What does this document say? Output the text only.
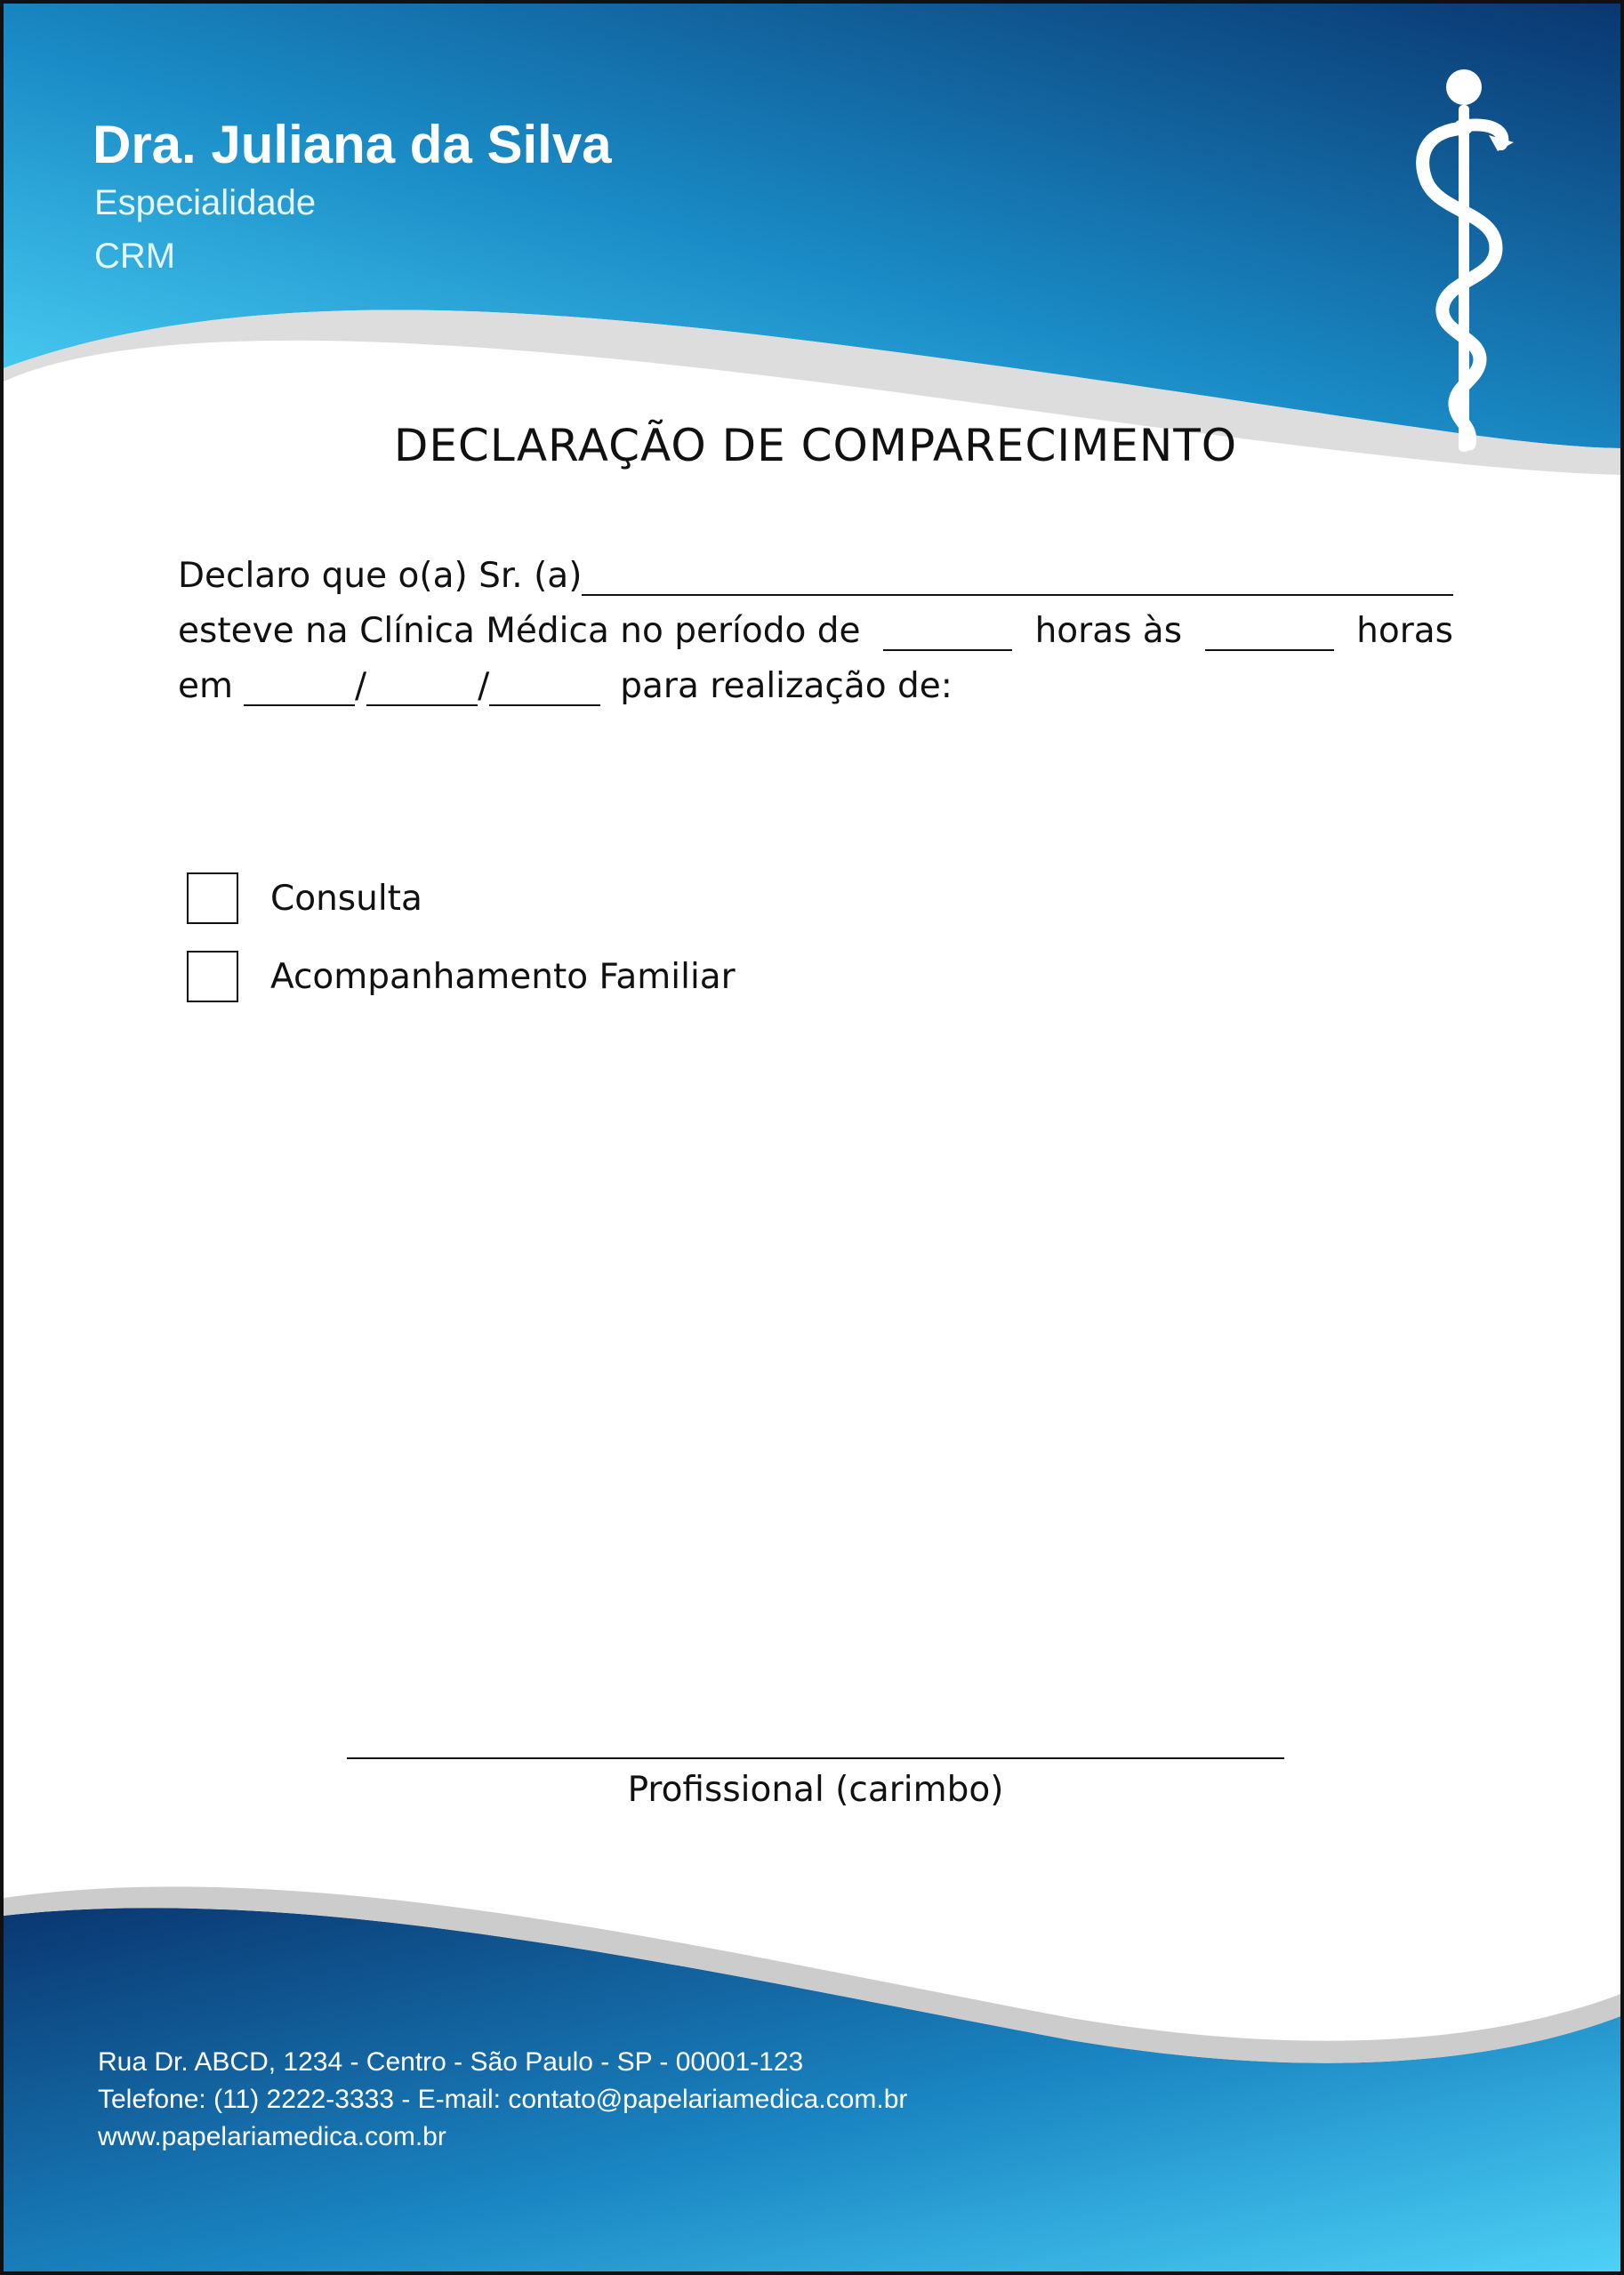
Dra. Juliana da Silva
Especialidade
CRM
DECLARAÇÃO DE COMPARECIMENTO
Declaro que o(a) Sr. (a)
esteve na Clínica Médica no período de	horas às	horas
em	/	/	para realização de:
Consulta
Acompanhamento Familiar
Profissional (carimbo)
Rua Dr. ABCD, 1234 - Centro - São Paulo - SP - 00001-123
Telefone: (11) 2222-3333 - E-mail: contato@papelariamedica.com.br
www.papelariamedica.com.br
